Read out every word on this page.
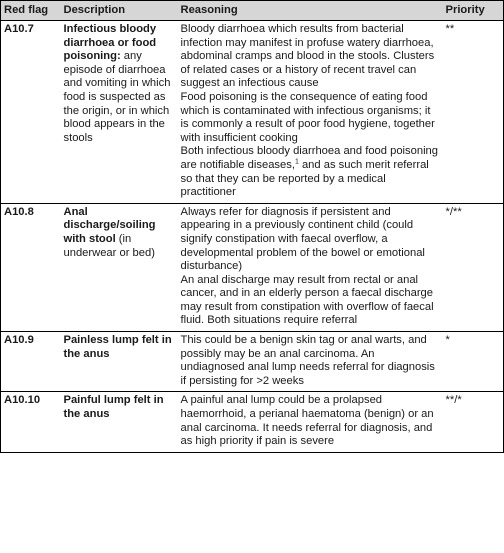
Red flag	Description	Reasoning	Priority
A10.7	Infectious bloody diarrhoea or food poisoning: any episode of diarrhoea and vomiting in which food is suspected as the origin, or in which blood appears in the stools	Bloody diarrhoea which results from bacterial infection may manifest in profuse watery diarrhoea, abdominal cramps and blood in the stools. Clusters of related cases or a history of recent travel can suggest an infectious cause

Food poisoning is the consequence of eating food which is contaminated with infectious organisms; it is commonly a result of poor food hygiene, together with insufficient cooking

Both infectious bloody diarrhoea and food poisoning are notifiable diseases,$^1$ and as such merit referral so that they can be reported by a medical practitioner	**
A10.8	Anal discharge/soiling with stool (in underwear or bed)	Always refer for diagnosis if persistent and appearing in a previously continent child (could signify constipation with faecal overflow, a developmental problem of the bowel or emotional disturbance)

An anal discharge may result from rectal or anal cancer, and in an elderly person a faecal discharge may result from constipation with overflow of faecal fluid. Both situations require referral	*/**
A10.9	Painless lump felt in the anus	This could be a benign skin tag or anal warts, and possibly may be an anal carcinoma. An undiagnosed anal lump needs referral for diagnosis if persisting for >2 weeks	*
A10.10	Painful lump felt in the anus	A painful anal lump could be a prolapsed haemorrhoid, a perianal haematoma (benign) or an anal carcinoma. It needs referral for diagnosis, and as high priority if pain is severe	**/*
